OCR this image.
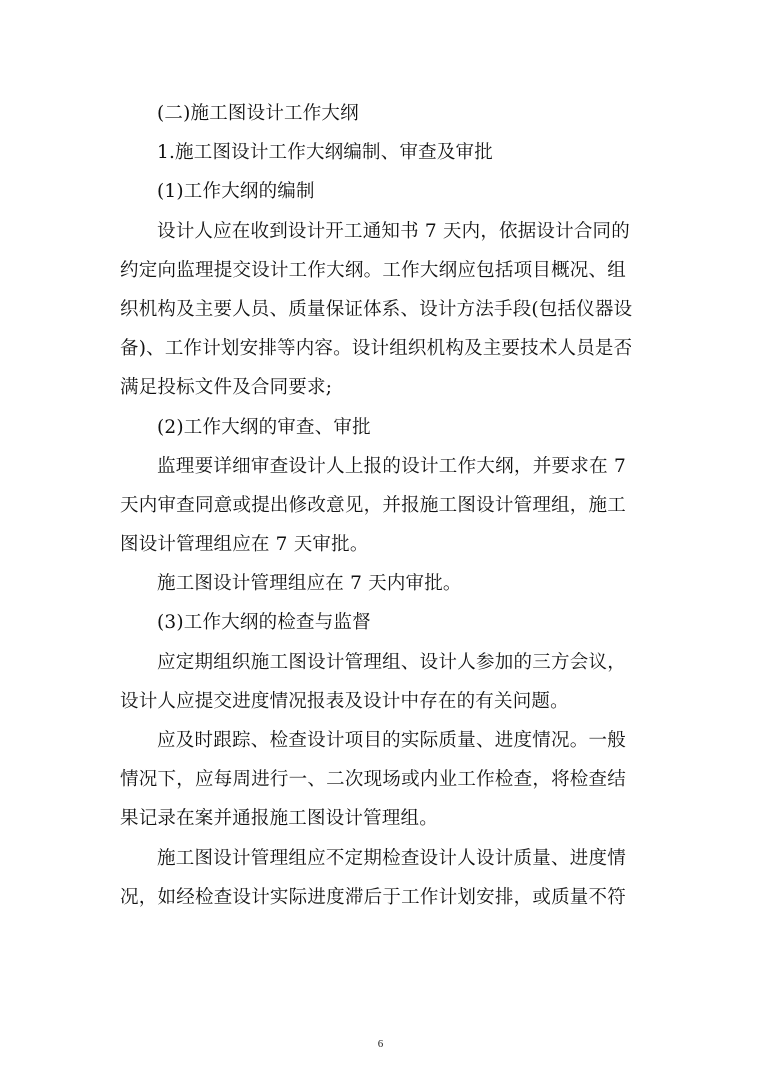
(二)施工图设计工作大纲
1.施工图设计工作大纲编制、审查及审批
(1)工作大纲的编制
设计人应在收到设计开工通知书 7 天内，依据设计合同的
约定向监理提交设计工作大纲。工作大纲应包括项目概况、组
织机构及主要人员、质量保证体系、设计方法手段(包括仪器设
备)、工作计划安排等内容。设计组织机构及主要技术人员是否
满足投标文件及合同要求;
(2)工作大纲的审查、审批
监理要详细审查设计人上报的设计工作大纲，并要求在 7
天内审查同意或提出修改意见，并报施工图设计管理组，施工
图设计管理组应在 7 天审批。
施工图设计管理组应在 7 天内审批。
(3)工作大纲的检查与监督
应定期组织施工图设计管理组、设计人参加的三方会议，
设计人应提交进度情况报表及设计中存在的有关问题。
应及时跟踪、检查设计项目的实际质量、进度情况。一般
情况下，应每周进行一、二次现场或内业工作检查，将检查结
果记录在案并通报施工图设计管理组。
施工图设计管理组应不定期检查设计人设计质量、进度情
况，如经检查设计实际进度滞后于工作计划安排，或质量不符
6
